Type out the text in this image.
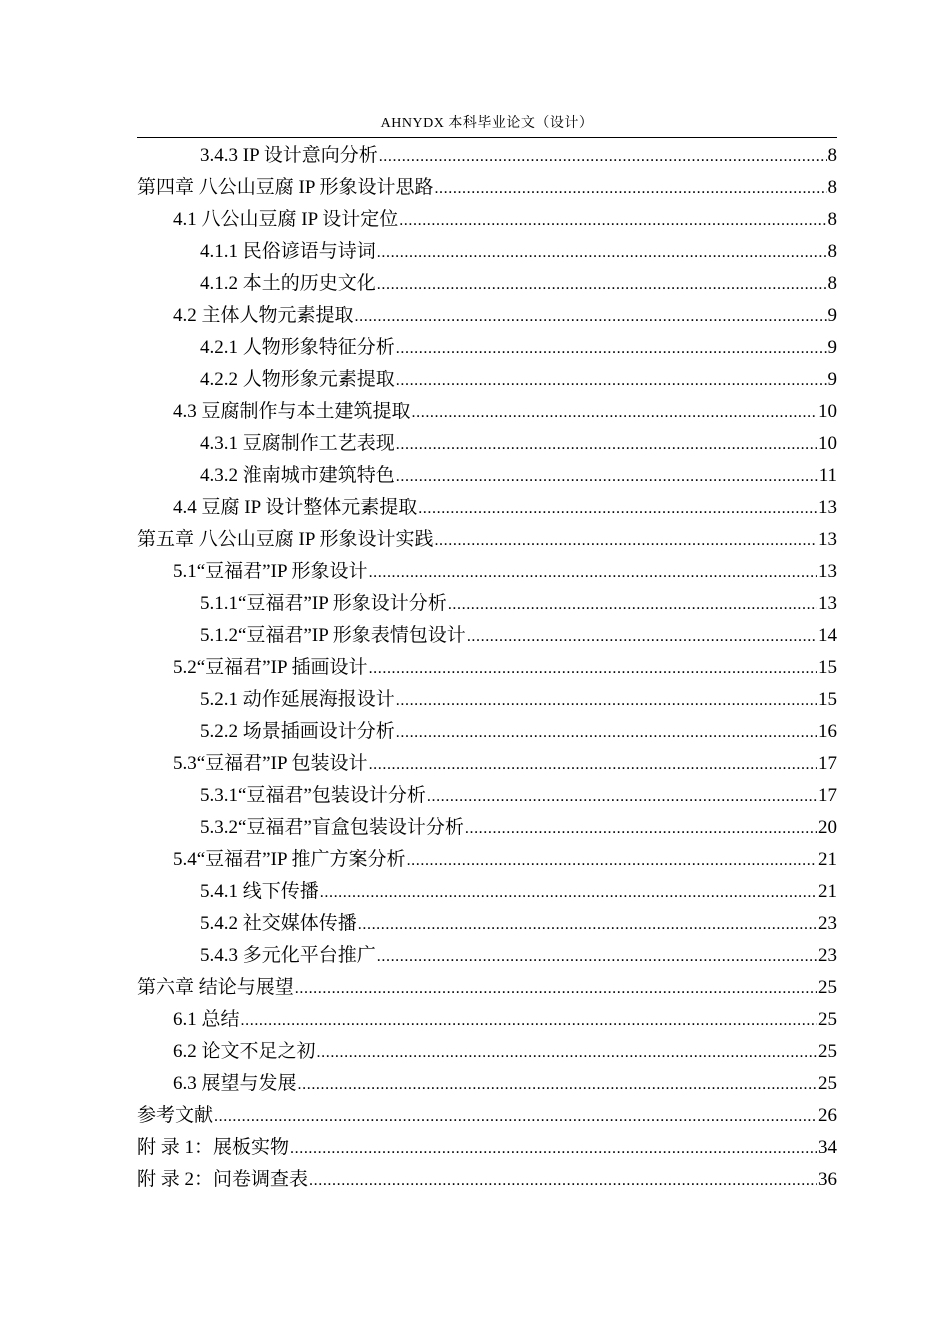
AHNYDX 本科毕业论文（设计）
3.4.3 IP 设计意向分析 .....	8
第四章 八公山豆腐 IP 形象设计思路 .....	8
4.1 八公山豆腐 IP 设计定位 .....	8
4.1.1 民俗谚语与诗词 .....	8
4.1.2 本土的历史文化 .....	8
4.2 主体人物元素提取 .....	9
4.2.1 人物形象特征分析 .....	9
4.2.2 人物形象元素提取 .....	9
4.3 豆腐制作与本土建筑提取 .....	10
4.3.1 豆腐制作工艺表现 .....	10
4.3.2 淮南城市建筑特色 .....	11
4.4 豆腐 IP 设计整体元素提取 .....	13
第五章 八公山豆腐 IP 形象设计实践 .....	13
5.1“豆福君”IP 形象设计 .....	13
5.1.1“豆福君”IP 形象设计分析 .....	13
5.1.2“豆福君”IP 形象表情包设计 .....	14
5.2“豆福君”IP 插画设计 .....	15
5.2.1 动作延展海报设计 .....	15
5.2.2 场景插画设计分析 .....	16
5.3“豆福君”IP 包装设计 .....	17
5.3.1“豆福君”包装设计分析 .....	17
5.3.2“豆福君”盲盒包装设计分析 .....	20
5.4“豆福君”IP 推广方案分析 .....	21
5.4.1 线下传播 .....	21
5.4.2 社交媒体传播 .....	23
5.4.3 多元化平台推广 .....	23
第六章 结论与展望 .....	25
6.1 总结 .....	25
6.2 论文不足之初 .....	25
6.3 展望与发展 .....	25
参考文献 .....	26
附 录 1：展板实物 .....	34
附 录 2：问卷调查表 .....	36
